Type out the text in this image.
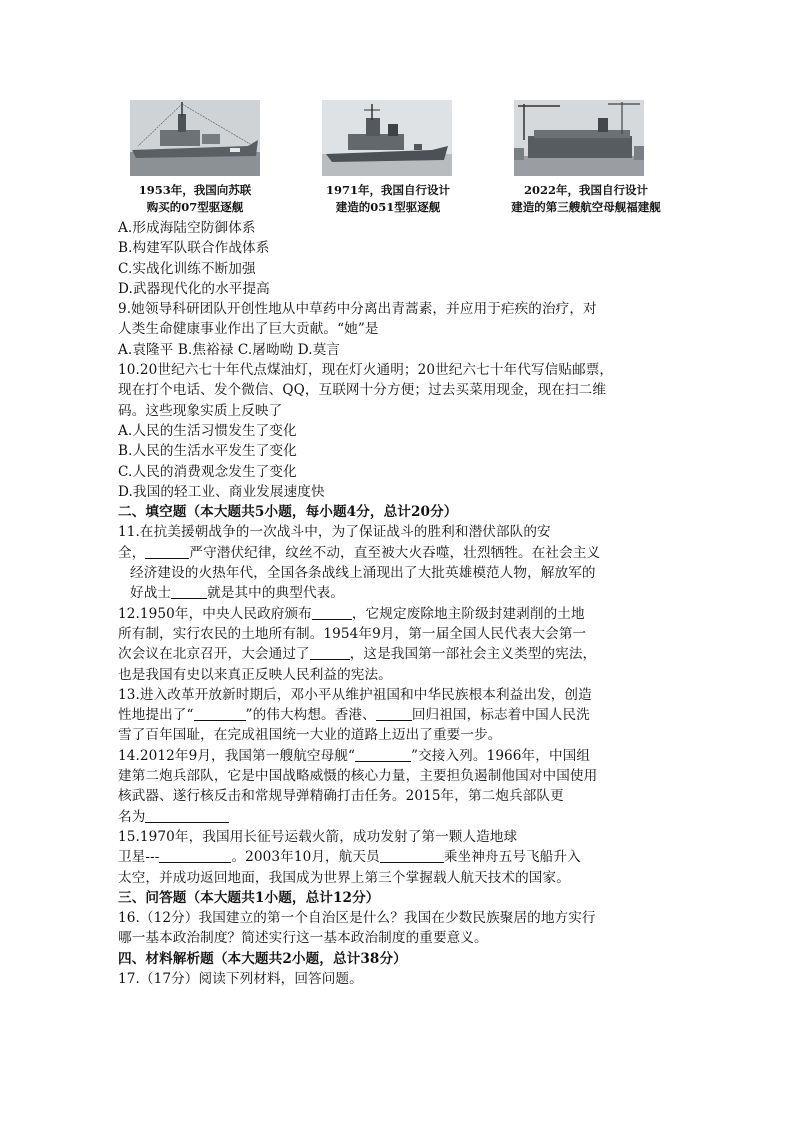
1953年，我国向苏联
购买的07型驱逐舰
1971年，我国自行设计
建造的051型驱逐舰
2022年，我国自行设计
建造的第三艘航空母舰福建舰
A.形成海陆空防御体系
B.构建军队联合作战体系
C.实战化训练不断加强
D.武器现代化的水平提高
9.她领导科研团队开创性地从中草药中分离出青蒿素，并应用于疟疾的治疗，对
人类生命健康事业作出了巨大贡献。“她”是
A.袁隆平 B.焦裕禄 C.屠呦呦 D.莫言
10.20世纪六七十年代点煤油灯，现在灯火通明；20世纪六七十年代写信贴邮票，
现在打个电话、发个微信、QQ，互联网十分方便；过去买菜用现金，现在扫二维
码。这些现象实质上反映了
A.人民的生活习惯发生了变化
B.人民的生活水平发生了变化
C.人民的消费观念发生了变化
D.我国的轻工业、商业发展速度快
二、填空题（本大题共5小题，每小题4分，总计20分）
11.在抗美援朝战争的一次战斗中，为了保证战斗的胜利和潜伏部队的安
全，	严守潜伏纪律，纹丝不动，直至被大火吞噬，壮烈牺牲。在社会主义
经济建设的火热年代，全国各条战线上涌现出了大批英雄模范人物，解放军的
好战士	就是其中的典型代表。
12.1950年，中央人民政府颁布	，它规定废除地主阶级封建剥削的土地
所有制，实行农民的土地所有制。1954年9月，第一届全国人民代表大会第一
次会议在北京召开，大会通过了	，这是我国第一部社会主义类型的宪法，
也是我国有史以来真正反映人民利益的宪法。
13.进入改革开放新时期后，邓小平从维护祖国和中华民族根本利益出发，创造
性地提出了“	”的伟大构想。香港、	回归祖国，标志着中国人民洗
雪了百年国耻，在完成祖国统一大业的道路上迈出了重要一步。
14.2012年9月，我国第一艘航空母舰“	”交接入列。1966年，中国组
建第二炮兵部队，它是中国战略威慑的核心力量，主要担负遏制他国对中国使用
核武器、遂行核反击和常规导弹精确打击任务。2015年，第二炮兵部队更
名为
15.1970年，我国用长征号运载火箭，成功发射了第一颗人造地球
卫星---	。2003年10月，航天员	乘坐神舟五号飞船升入
太空，并成功返回地面，我国成为世界上第三个掌握载人航天技术的国家。
三、问答题（本大题共1小题，总计12分）
16.（12分）我国建立的第一个自治区是什么？我国在少数民族聚居的地方实行
哪一基本政治制度？简述实行这一基本政治制度的重要意义。
四、材料解析题（本大题共2小题，总计38分）
17.（17分）阅读下列材料，回答问题。
